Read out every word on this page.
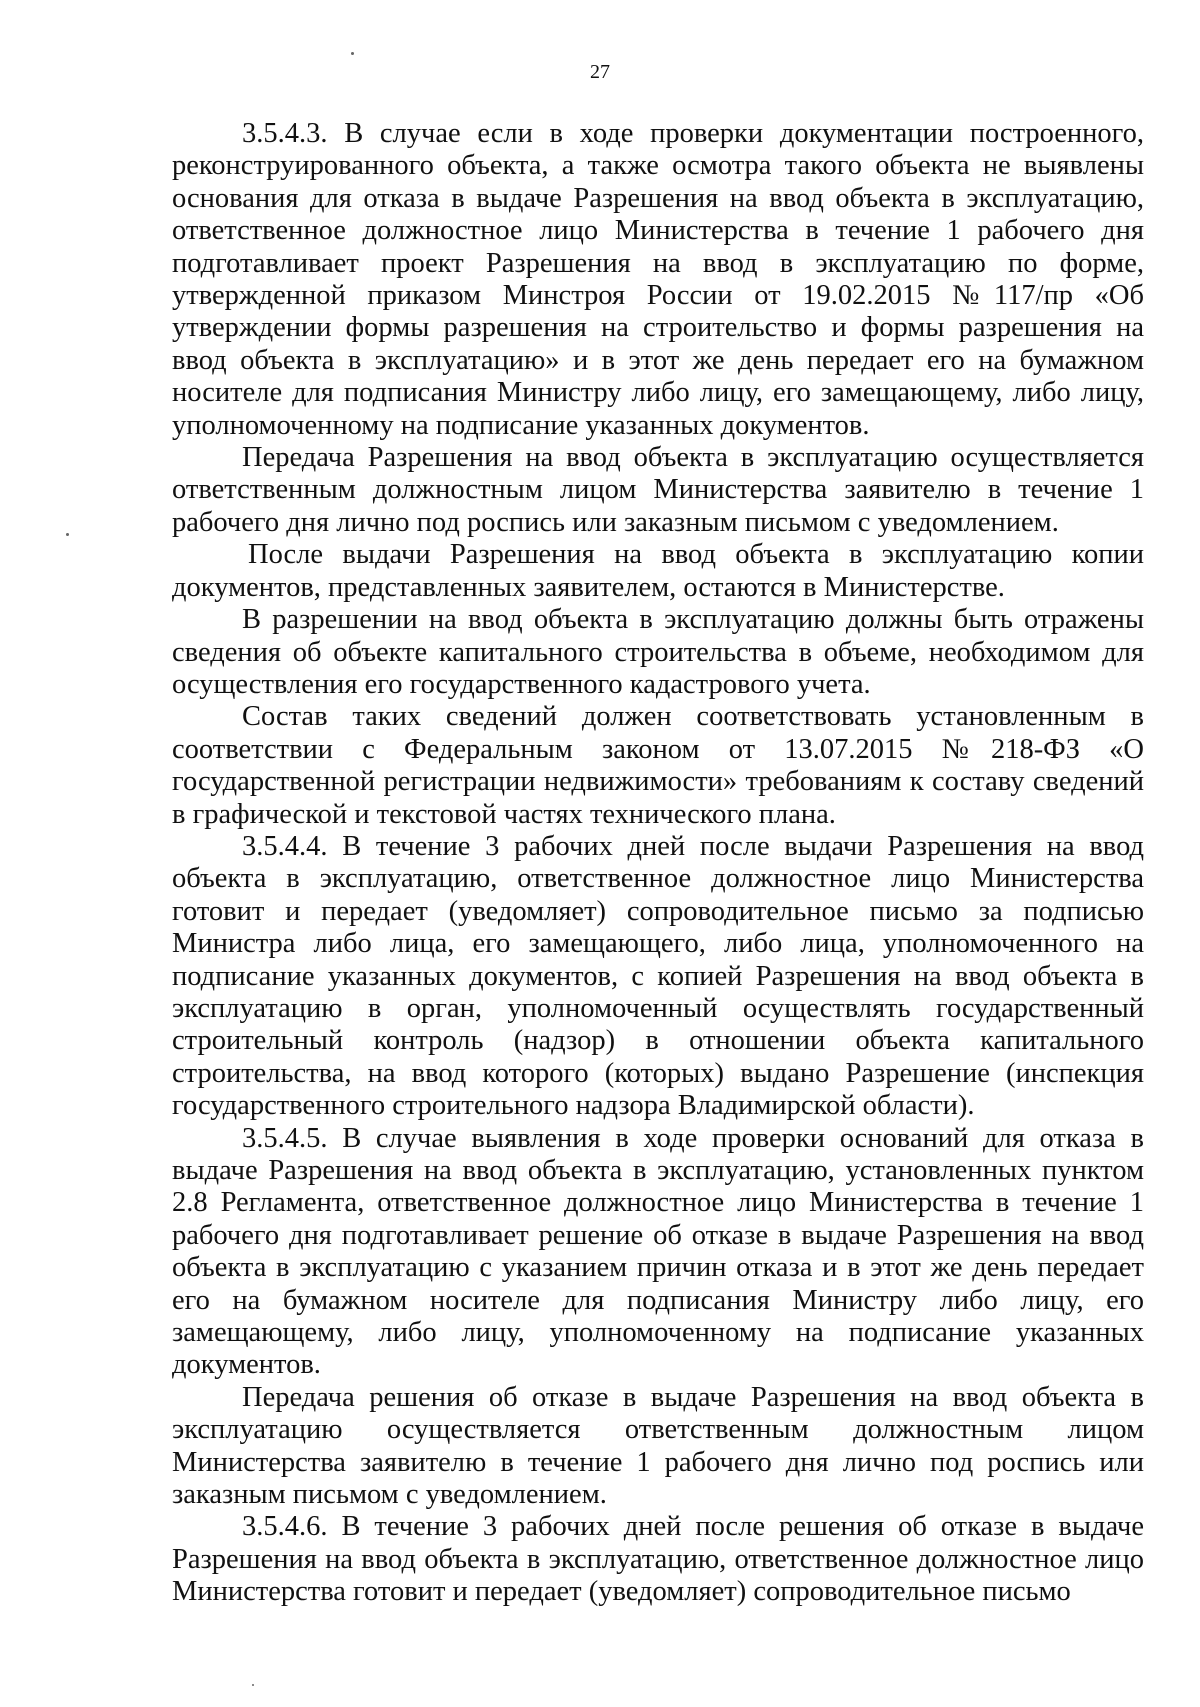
27

3.5.4.3. В случае если в ходе проверки документации построенного, реконструированного объекта, а также осмотра такого объекта не выявлены основания для отказа в выдаче Разрешения на ввод объекта в эксплуатацию, ответственное должностное лицо Министерства в течение 1 рабочего дня подготавливает проект Разрешения на ввод в эксплуатацию по форме, утвержденной приказом Минстроя России от 19.02.2015 №117/пр «Об утверждении формы разрешения на строительство и формы разрешения на ввод объекта в эксплуатацию» и в этот же день передает его на бумажном носителе для подписания Министру либо лицу, его замещающему, либо лицу, уполномоченному на подписание указанных документов.

Передача Разрешения на ввод объекта в эксплуатацию осуществляется ответственным должностным лицом Министерства заявителю в течение 1 рабочего дня лично под роспись или заказным письмом с уведомлением.

После выдачи Разрешения на ввод объекта в эксплуатацию копии документов, представленных заявителем, остаются в Министерстве.

В разрешении на ввод объекта в эксплуатацию должны быть отражены сведения об объекте капитального строительства в объеме, необходимом для осуществления его государственного кадастрового учета.

Состав таких сведений должен соответствовать установленным в соответствии с Федеральным законом от 13.07.2015 №218-ФЗ «О государственной регистрации недвижимости» требованиям к составу сведений в графической и текстовой частях технического плана.

3.5.4.4. В течение 3 рабочих дней после выдачи Разрешения на ввод объекта в эксплуатацию, ответственное должностное лицо Министерства готовит и передает (уведомляет) сопроводительное письмо за подписью Министра либо лица, его замещающего, либо лица, уполномоченного на подписание указанных документов, с копией Разрешения на ввод объекта в эксплуатацию в орган, уполномоченный осуществлять государственный строительный контроль (надзор) в отношении объекта капитального строительства, на ввод которого (которых) выдано Разрешение (инспекция государственного строительного надзора Владимирской области).

3.5.4.5. В случае выявления в ходе проверки оснований для отказа в выдаче Разрешения на ввод объекта в эксплуатацию, установленных пунктом 2.8 Регламента, ответственное должностное лицо Министерства в течение 1 рабочего дня подготавливает решение об отказе в выдаче Разрешения на ввод объекта в эксплуатацию с указанием причин отказа и в этот же день передает его на бумажном носителе для подписания Министру либо лицу, его замещающему, либо лицу, уполномоченному на подписание указанных документов.

Передача решения об отказе в выдаче Разрешения на ввод объекта в эксплуатацию осуществляется ответственным должностным лицом Министерства заявителю в течение 1 рабочего дня лично под роспись или заказным письмом с уведомлением.

3.5.4.6. В течение 3 рабочих дней после решения об отказе в выдаче Разрешения на ввод объекта в эксплуатацию, ответственное должностное лицо Министерства готовит и передает (уведомляет) сопроводительное письмо
